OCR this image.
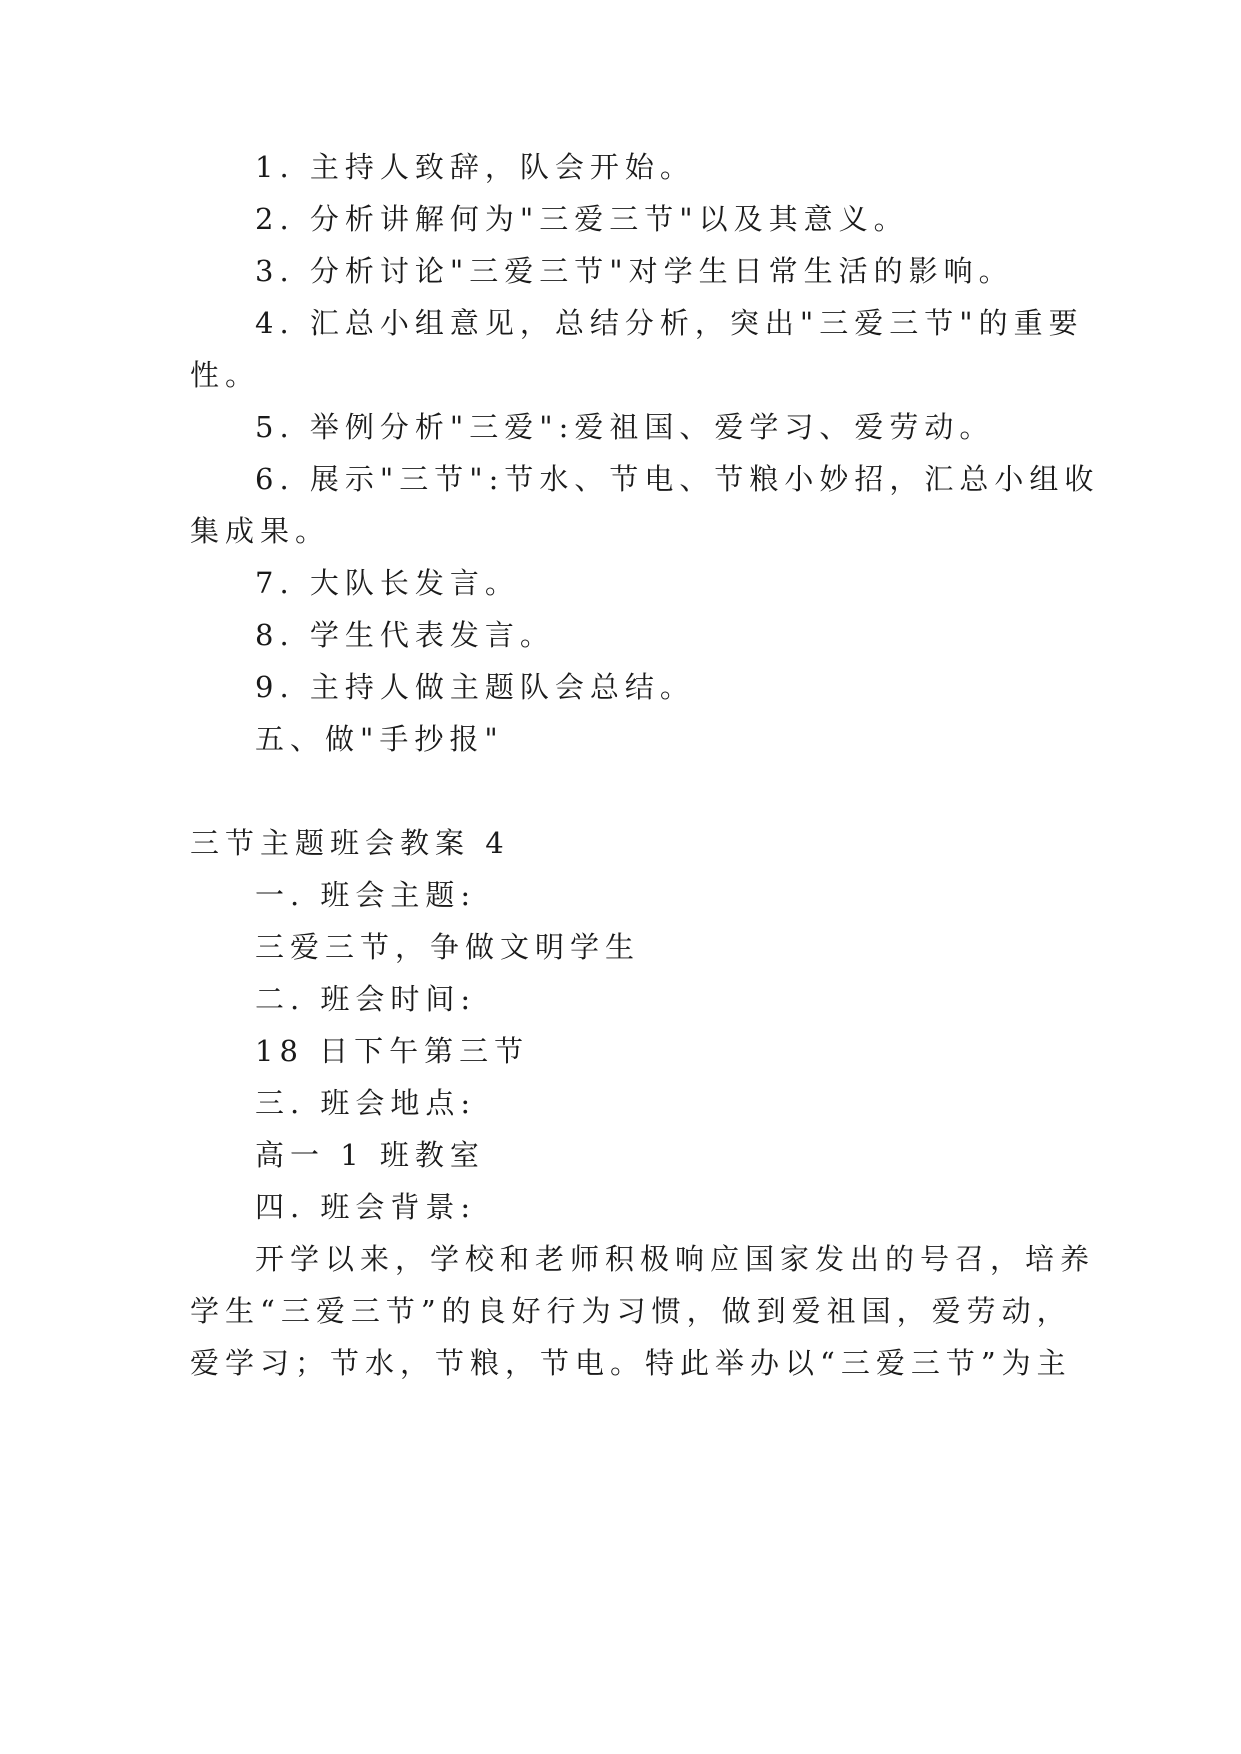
1. 主持人致辞，队会开始。
2. 分析讲解何为"三爱三节"以及其意义。
3. 分析讨论"三爱三节"对学生日常生活的影响。
4. 汇总小组意见，总结分析，突出"三爱三节"的重要
性。
5. 举例分析"三爱":爱祖国、爱学习、爱劳动。
6. 展示"三节":节水、节电、节粮小妙招，汇总小组收
集成果。
7. 大队长发言。
8. 学生代表发言。
9. 主持人做主题队会总结。
五、做"手抄报"
三节主题班会教案 4
一. 班会主题:
三爱三节，争做文明学生
二. 班会时间:
18 日下午第三节
三. 班会地点:
高一 1 班教室
四. 班会背景:
开学以来，学校和老师积极响应国家发出的号召，培养
学生“三爱三节”的良好行为习惯，做到爱祖国，爱劳动，
爱学习；节水，节粮，节电。特此举办以“三爱三节”为主
